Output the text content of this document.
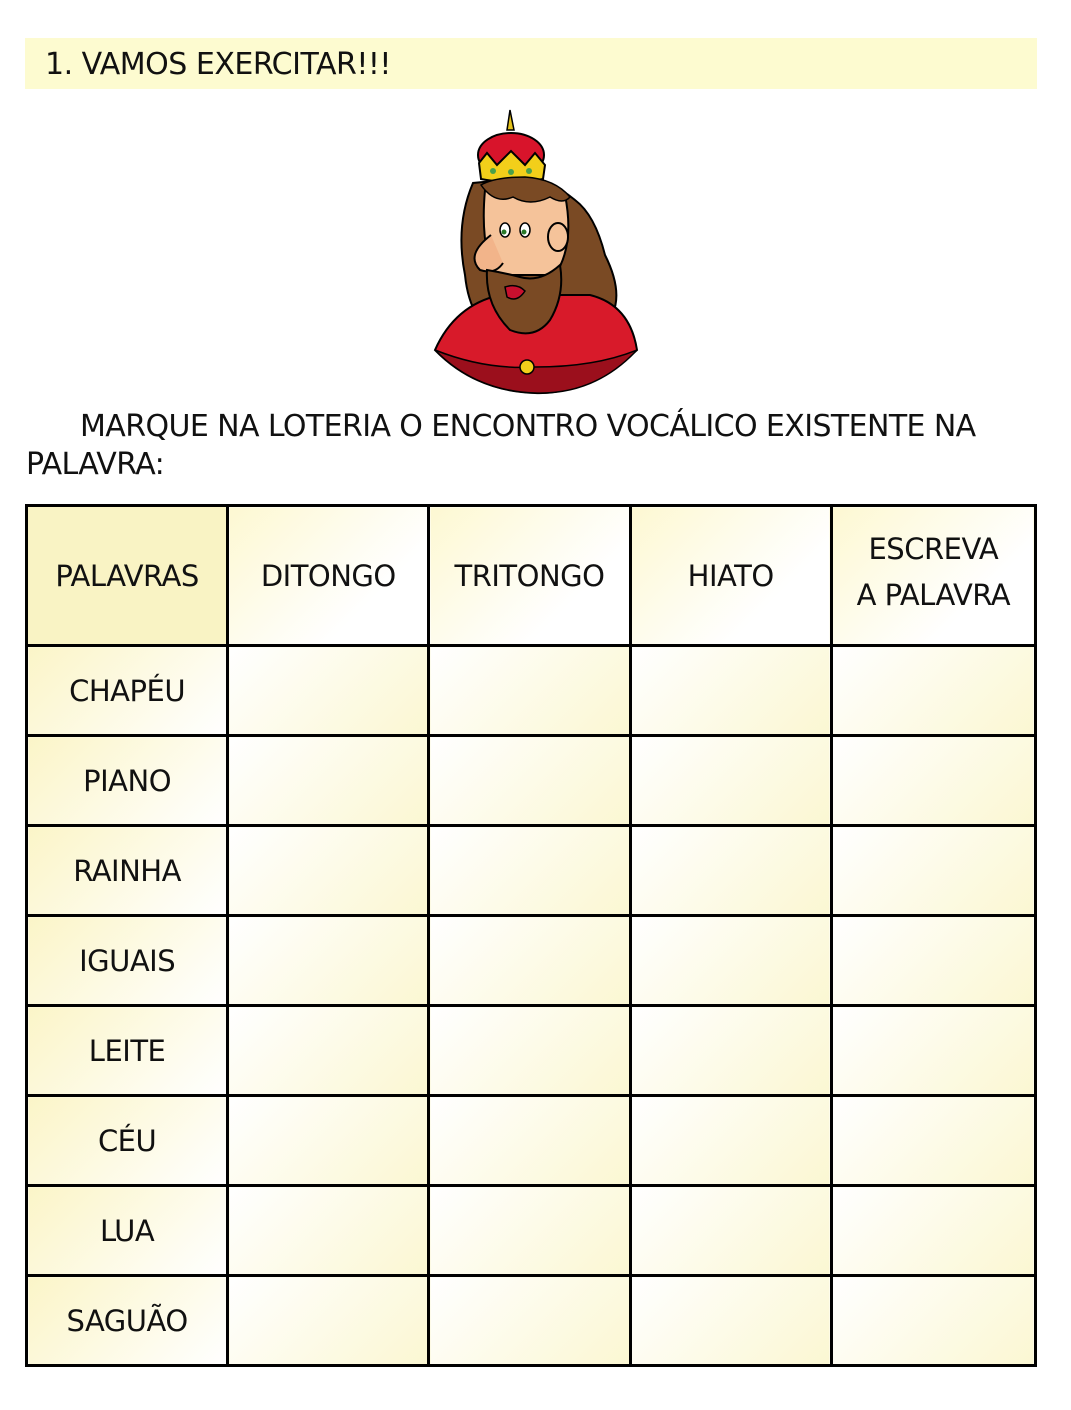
1. VAMOS EXERCITAR!!!
MARQUE NA LOTERIA O ENCONTRO VOCÁLICO EXISTENTE NA PALAVRA:
PALAVRAS	DITONGO	TRITONGO	HIATO	ESCREVA
A PALAVRA
CHAPÉU				
PIANO				
RAINHA				
IGUAIS				
LEITE				
CÉU				
LUA				
SAGUÃO				
